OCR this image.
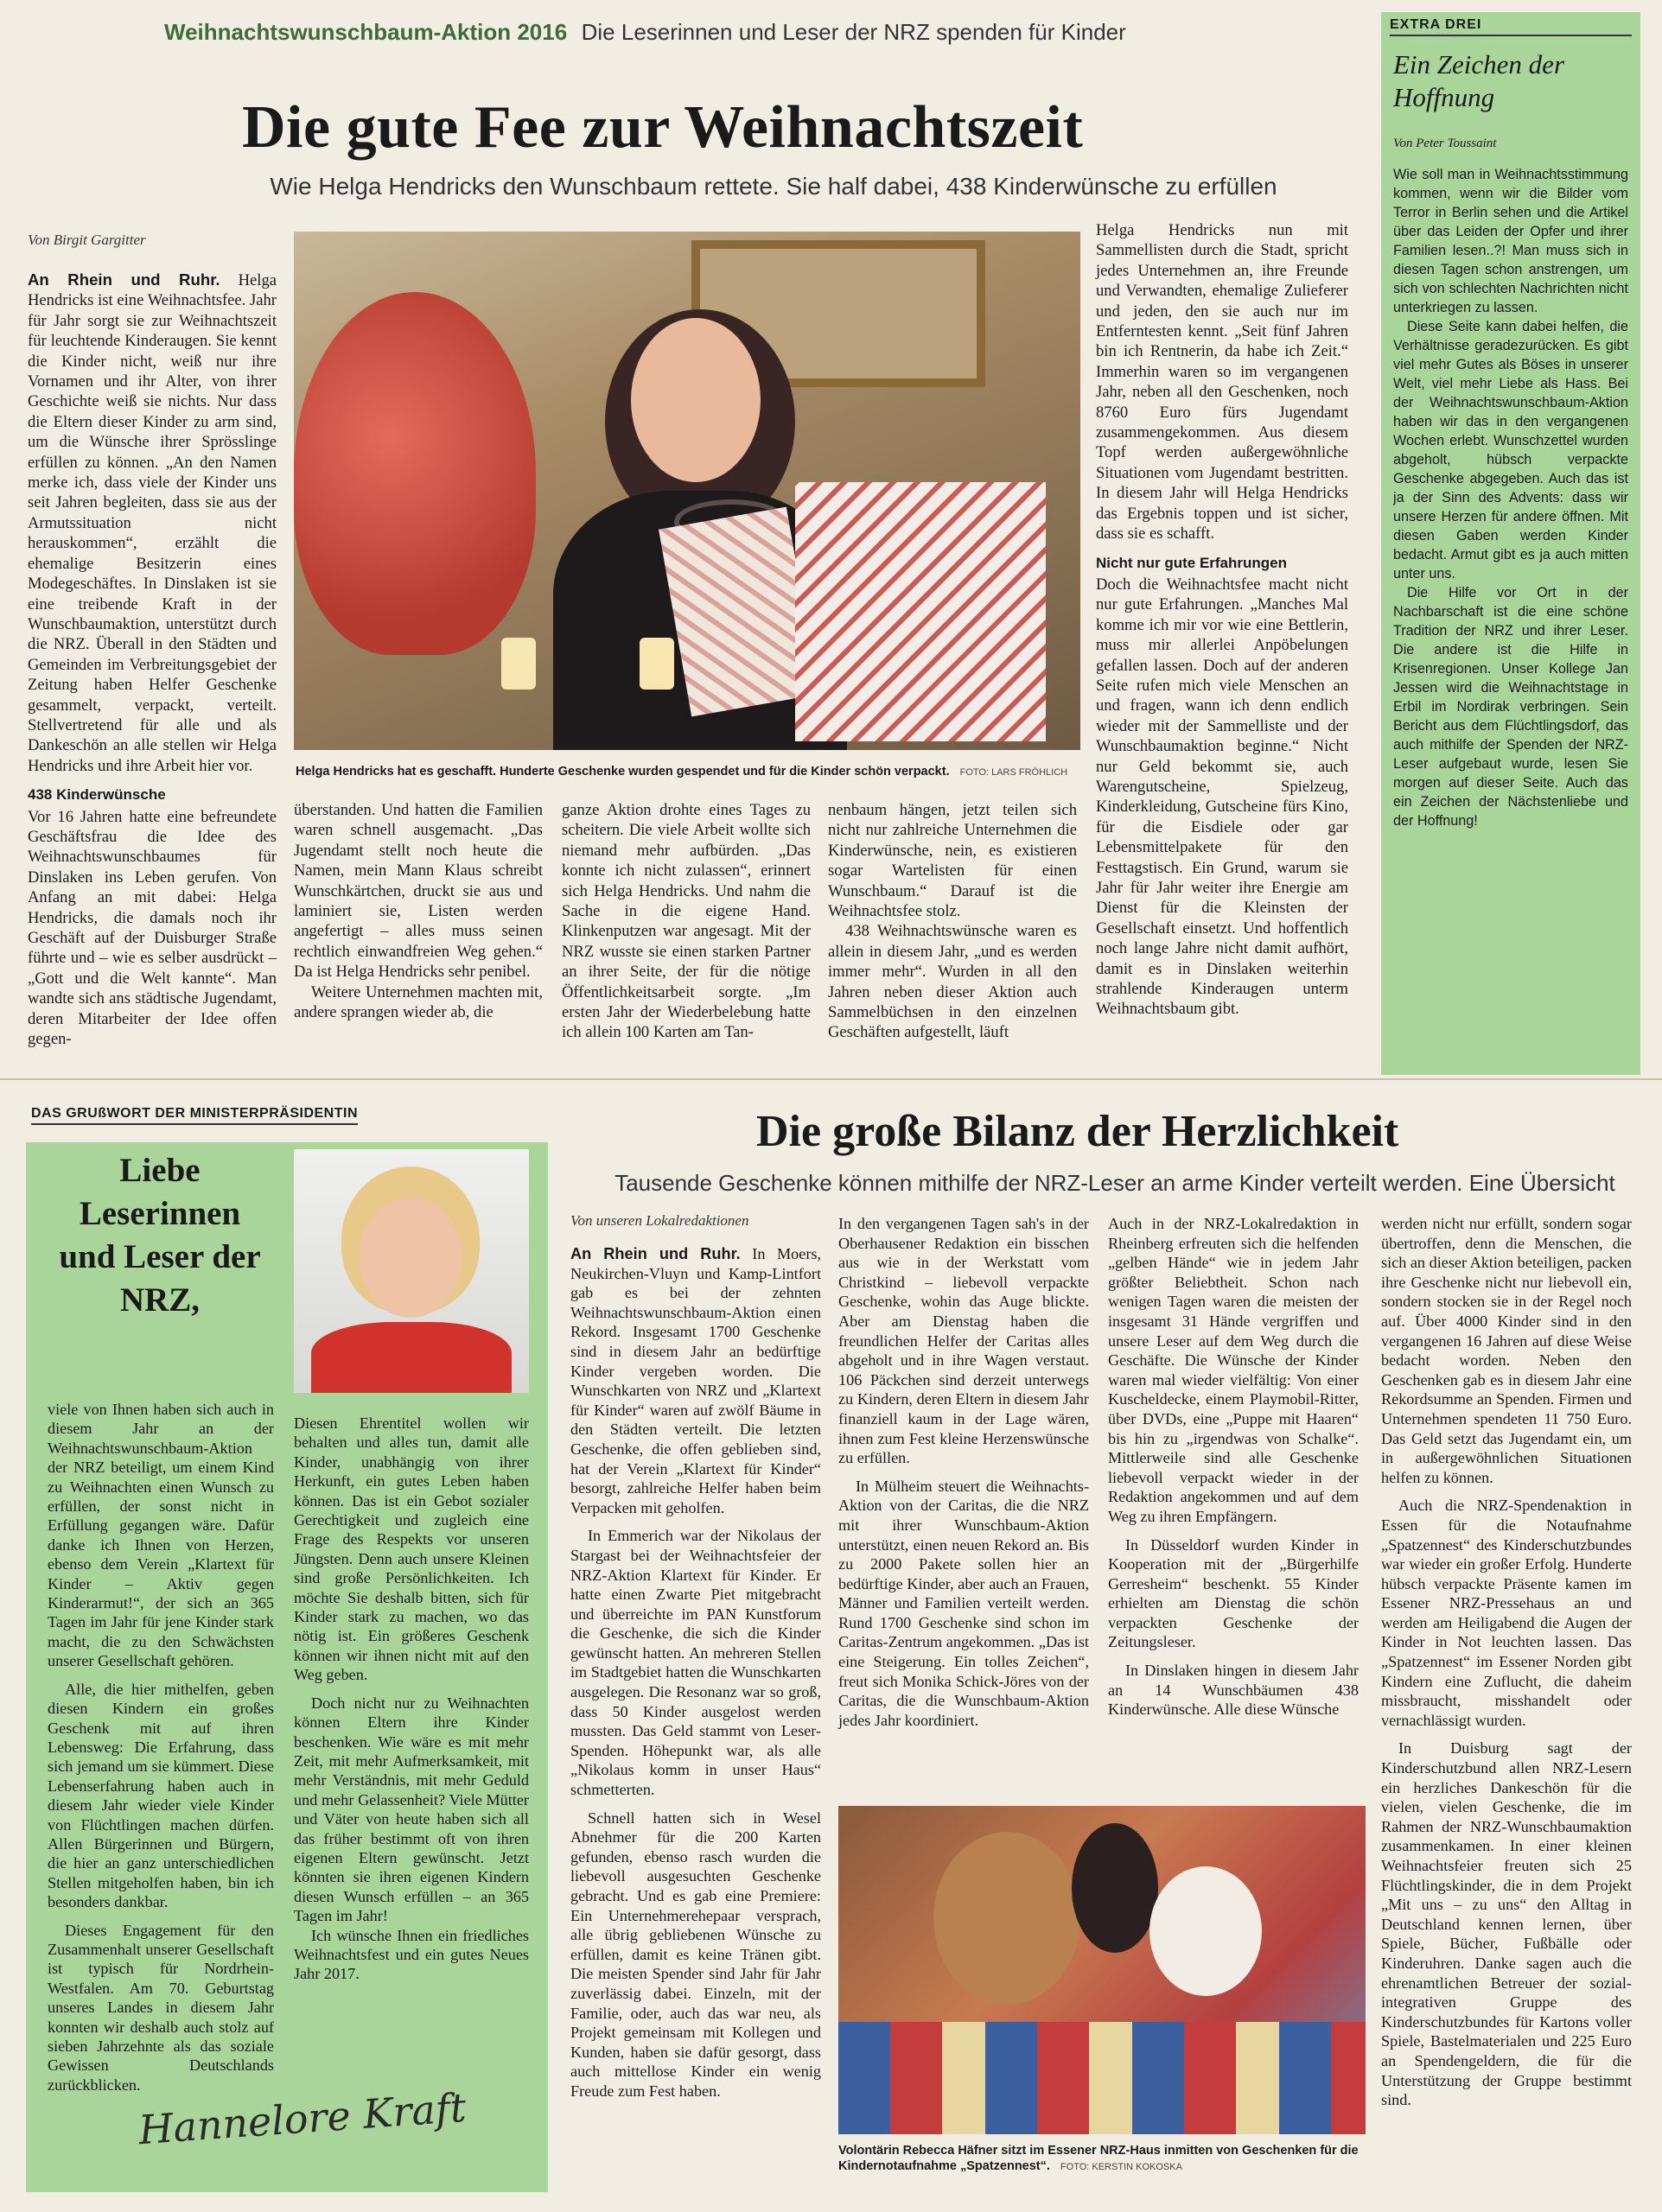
Weihnachtswunschbaum-Aktion 2016 Die Leserinnen und Leser der NRZ spenden für Kinder
Die gute Fee zur Weihnachtszeit
Wie Helga Hendricks den Wunschbaum rettete. Sie half dabei, 438 Kinderwünsche zu erfüllen
Von Birgit Gargitter
Helga Hendricks hat es geschafft. Hunderte Geschenke wurden gespendet und für die Kinder schön verpackt. FOTO: LARS FRÖHLICH

An Rhein und Ruhr. Helga Hendricks ist eine Weihnachtsfee. Jahr für Jahr sorgt sie zur Weihnachtszeit für leuchtende Kinderaugen. Sie kennt die Kinder nicht, weiß nur ihre Vornamen und ihr Alter, von ihrer Geschichte weiß sie nichts. Nur dass die Eltern dieser Kinder zu arm sind, um die Wünsche ihrer Sprösslinge erfüllen zu können. „An den Namen merke ich, dass viele der Kinder uns seit Jahren begleiten, dass sie aus der Armutssituation nicht herauskommen“, erzählt die ehemalige Besitzerin eines Modegeschäftes. In Dinslaken ist sie eine treibende Kraft in der Wunschbaumaktion, unterstützt durch die NRZ. Überall in den Städten und Gemeinden im Verbreitungsgebiet der Zeitung haben Helfer Geschenke gesammelt, verpackt, verteilt. Stellvertretend für alle und als Dankeschön an alle stellen wir Helga Hendricks und ihre Arbeit hier vor.

438 Kinderwünsche

Vor 16 Jahren hatte eine befreundete Geschäftsfrau die Idee des Weihnachtswunschbaumes für Dinslaken ins Leben gerufen. Von Anfang an mit dabei: Helga Hendricks, die damals noch ihr Geschäft auf der Duisburger Straße führte und – wie es selber ausdrückt – „Gott und die Welt kannte“. Man wandte sich ans städtische Jugendamt, deren Mitarbeiter der Idee offen gegen-

überstanden. Und hatten die Familien waren schnell ausgemacht. „Das Jugendamt stellt noch heute die Namen, mein Mann Klaus schreibt Wunschkärtchen, druckt sie aus und laminiert sie, Listen werden angefertigt – alles muss seinen rechtlich einwandfreien Weg gehen.“ Da ist Helga Hendricks sehr penibel.

Weitere Unternehmen machten mit, andere sprangen wieder ab, die

ganze Aktion drohte eines Tages zu scheitern. Die viele Arbeit wollte sich niemand mehr aufbürden. „Das konnte ich nicht zulassen“, erinnert sich Helga Hendricks. Und nahm die Sache in die eigene Hand. Klinkenputzen war angesagt. Mit der NRZ wusste sie einen starken Partner an ihrer Seite, der für die nötige Öffentlichkeitsarbeit sorgte. „Im ersten Jahr der Wiederbelebung hatte ich allein 100 Karten am Tan-

nenbaum hängen, jetzt teilen sich nicht nur zahlreiche Unternehmen die Kinderwünsche, nein, es existieren sogar Wartelisten für einen Wunschbaum.“ Darauf ist die Weihnachtsfee stolz.

438 Weihnachtswünsche waren es allein in diesem Jahr, „und es werden immer mehr“. Wurden in all den Jahren neben dieser Aktion auch Sammelbüchsen in den einzelnen Geschäften aufgestellt, läuft

Helga Hendricks nun mit Sammellisten durch die Stadt, spricht jedes Unternehmen an, ihre Freunde und Verwandten, ehemalige Zulieferer und jeden, den sie auch nur im Entferntesten kennt. „Seit fünf Jahren bin ich Rentnerin, da habe ich Zeit.“ Immerhin waren so im vergangenen Jahr, neben all den Geschenken, noch 8760 Euro fürs Jugendamt zusammengekommen. Aus diesem Topf werden außergewöhnliche Situationen vom Jugendamt bestritten. In diesem Jahr will Helga Hendricks das Ergebnis toppen und ist sicher, dass sie es schafft.

Nicht nur gute Erfahrungen

Doch die Weihnachtsfee macht nicht nur gute Erfahrungen. „Manches Mal komme ich mir vor wie eine Bettlerin, muss mir allerlei Anpöbelungen gefallen lassen. Doch auf der anderen Seite rufen mich viele Menschen an und fragen, wann ich denn endlich wieder mit der Sammelliste und der Wunschbaumaktion beginne.“ Nicht nur Geld bekommt sie, auch Warengutscheine, Spielzeug, Kinderkleidung, Gutscheine fürs Kino, für die Eisdiele oder gar Lebensmittelpakete für den Festtagstisch. Ein Grund, warum sie Jahr für Jahr weiter ihre Energie am Dienst für die Kleinsten der Gesellschaft einsetzt. Und hoffentlich noch lange Jahre nicht damit aufhört, damit es in Dinslaken weiterhin strahlende Kinderaugen unterm Weihnachtsbaum gibt.

EXTRA DREI
Ein Zeichen der Hoffnung
Von Peter Toussaint

Wie soll man in Weihnachtsstimmung kommen, wenn wir die Bilder vom Terror in Berlin sehen und die Artikel über das Leiden der Opfer und ihrer Familien lesen..?! Man muss sich in diesen Tagen schon anstrengen, um sich von schlechten Nachrichten nicht unterkriegen zu lassen.

Diese Seite kann dabei helfen, die Verhältnisse geradezurücken. Es gibt viel mehr Gutes als Böses in unserer Welt, viel mehr Liebe als Hass. Bei der Weihnachtswunschbaum-Aktion haben wir das in den vergangenen Wochen erlebt. Wunschzettel wurden abgeholt, hübsch verpackte Geschenke abgegeben. Auch das ist ja der Sinn des Advents: dass wir unsere Herzen für andere öffnen. Mit diesen Gaben werden Kinder bedacht. Armut gibt es ja auch mitten unter uns.

Die Hilfe vor Ort in der Nachbarschaft ist die eine schöne Tradition der NRZ und ihrer Leser. Die andere ist die Hilfe in Krisenregionen. Unser Kollege Jan Jessen wird die Weihnachtstage in Erbil im Nordirak verbringen. Sein Bericht aus dem Flüchtlingsdorf, das auch mithilfe der Spenden der NRZ-Leser aufgebaut wurde, lesen Sie morgen auf dieser Seite. Auch das ein Zeichen der Nächstenliebe und der Hoffnung!

DAS GRUßWORT DER MINISTERPRÄSIDENTIN
Liebe Leserinnen und Leser der NRZ,

viele von Ihnen haben sich auch in diesem Jahr an der Weihnachtswunschbaum-Aktion der NRZ beteiligt, um einem Kind zu Weihnachten einen Wunsch zu erfüllen, der sonst nicht in Erfüllung gegangen wäre. Dafür danke ich Ihnen von Herzen, ebenso dem Verein „Klartext für Kinder – Aktiv gegen Kinderarmut!“, der sich an 365 Tagen im Jahr für jene Kinder stark macht, die zu den Schwächsten unserer Gesellschaft gehören.

Alle, die hier mithelfen, geben diesen Kindern ein großes Geschenk mit auf ihren Lebensweg: Die Erfahrung, dass sich jemand um sie kümmert. Diese Lebenserfahrung haben auch in diesem Jahr wieder viele Kinder von Flüchtlingen machen dürfen. Allen Bürgerinnen und Bürgern, die hier an ganz unterschiedlichen Stellen mitgeholfen haben, bin ich besonders dankbar.

Dieses Engagement für den Zusammenhalt unserer Gesellschaft ist typisch für Nordrhein-Westfalen. Am 70. Geburtstag unseres Landes in diesem Jahr konnten wir deshalb auch stolz auf sieben Jahrzehnte als das soziale Gewissen Deutschlands zurückblicken.

Diesen Ehrentitel wollen wir behalten und alles tun, damit alle Kinder, unabhängig von ihrer Herkunft, ein gutes Leben haben können. Das ist ein Gebot sozialer Gerechtigkeit und zugleich eine Frage des Respekts vor unseren Jüngsten. Denn auch unsere Kleinen sind große Persönlichkeiten. Ich möchte Sie deshalb bitten, sich für Kinder stark zu machen, wo das nötig ist. Ein größeres Geschenk können wir ihnen nicht mit auf den Weg geben.

Doch nicht nur zu Weihnachten können Eltern ihre Kinder beschenken. Wie wäre es mit mehr Zeit, mit mehr Aufmerksamkeit, mit mehr Verständnis, mit mehr Geduld und mehr Gelassenheit? Viele Mütter und Väter von heute haben sich all das früher bestimmt oft von ihren eigenen Eltern gewünscht. Jetzt könnten sie ihren eigenen Kindern diesen Wunsch erfüllen – an 365 Tagen im Jahr!

Ich wünsche Ihnen ein friedliches Weihnachtsfest und ein gutes Neues Jahr 2017.

Hannelore Kraft
Die große Bilanz der Herzlichkeit
Tausende Geschenke können mithilfe der NRZ-Leser an arme Kinder verteilt werden. Eine Übersicht
Von unseren Lokalredaktionen

An Rhein und Ruhr. In Moers, Neukirchen-Vluyn und Kamp-Lintfort gab es bei der zehnten Weihnachtswunschbaum-Aktion einen Rekord. Insgesamt 1700 Geschenke sind in diesem Jahr an bedürftige Kinder vergeben worden. Die Wunschkarten von NRZ und „Klartext für Kinder“ waren auf zwölf Bäume in den Städten verteilt. Die letzten Geschenke, die offen geblieben sind, hat der Verein „Klartext für Kinder“ besorgt, zahlreiche Helfer haben beim Verpacken mit geholfen.

In Emmerich war der Nikolaus der Stargast bei der Weihnachtsfeier der NRZ-Aktion Klartext für Kinder. Er hatte einen Zwarte Piet mitgebracht und überreichte im PAN Kunstforum die Geschenke, die sich die Kinder gewünscht hatten. An mehreren Stellen im Stadtgebiet hatten die Wunschkarten ausgelegen. Die Resonanz war so groß, dass 50 Kinder ausgelost werden mussten. Das Geld stammt von Leser-Spenden. Höhepunkt war, als alle „Nikolaus komm in unser Haus“ schmetterten.

Schnell hatten sich in Wesel Abnehmer für die 200 Karten gefunden, ebenso rasch wurden die liebevoll ausgesuchten Geschenke gebracht. Und es gab eine Premiere: Ein Unternehmerehepaar versprach, alle übrig gebliebenen Wünsche zu erfüllen, damit es keine Tränen gibt. Die meisten Spender sind Jahr für Jahr zuverlässig dabei. Einzeln, mit der Familie, oder, auch das war neu, als Projekt gemeinsam mit Kollegen und Kunden, haben sie dafür gesorgt, dass auch mittellose Kinder ein wenig Freude zum Fest haben.

In den vergangenen Tagen sah's in der Oberhausener Redaktion ein bisschen aus wie in der Werkstatt vom Christkind – liebevoll verpackte Geschenke, wohin das Auge blickte. Aber am Dienstag haben die freundlichen Helfer der Caritas alles abgeholt und in ihre Wagen verstaut. 106 Päckchen sind derzeit unterwegs zu Kindern, deren Eltern in diesem Jahr finanziell kaum in der Lage wären, ihnen zum Fest kleine Herzenswünsche zu erfüllen.

In Mülheim steuert die Weihnachts-Aktion von der Caritas, die die NRZ mit ihrer Wunschbaum-Aktion unterstützt, einen neuen Rekord an. Bis zu 2000 Pakete sollen hier an bedürftige Kinder, aber auch an Frauen, Männer und Familien verteilt werden. Rund 1700 Geschenke sind schon im Caritas-Zentrum angekommen. „Das ist eine Steigerung. Ein tolles Zeichen“, freut sich Monika Schick-Jöres von der Caritas, die die Wunschbaum-Aktion jedes Jahr koordiniert.

Auch in der NRZ-Lokalredaktion in Rheinberg erfreuten sich die helfenden „gelben Hände“ wie in jedem Jahr größter Beliebtheit. Schon nach wenigen Tagen waren die meisten der insgesamt 31 Hände vergriffen und unsere Leser auf dem Weg durch die Geschäfte. Die Wünsche der Kinder waren mal wieder vielfältig: Von einer Kuscheldecke, einem Playmobil-Ritter, über DVDs, eine „Puppe mit Haaren“ bis hin zu „irgendwas von Schalke“. Mittlerweile sind alle Geschenke liebevoll verpackt wieder in der Redaktion angekommen und auf dem Weg zu ihren Empfängern.

In Düsseldorf wurden Kinder in Kooperation mit der „Bürgerhilfe Gerresheim“ beschenkt. 55 Kinder erhielten am Dienstag die schön verpackten Geschenke der Zeitungsleser.

In Dinslaken hingen in diesem Jahr an 14 Wunschbäumen 438 Kinderwünsche. Alle diese Wünsche

werden nicht nur erfüllt, sondern sogar übertroffen, denn die Menschen, die sich an dieser Aktion beteiligen, packen ihre Geschenke nicht nur liebevoll ein, sondern stocken sie in der Regel noch auf. Über 4000 Kinder sind in den vergangenen 16 Jahren auf diese Weise bedacht worden. Neben den Geschenken gab es in diesem Jahr eine Rekordsumme an Spenden. Firmen und Unternehmen spendeten 11 750 Euro. Das Geld setzt das Jugendamt ein, um in außergewöhnlichen Situationen helfen zu können.

Auch die NRZ-Spendenaktion in Essen für die Notaufnahme „Spatzennest“ des Kinderschutzbundes war wieder ein großer Erfolg. Hunderte hübsch verpackte Präsente kamen im Essener NRZ-Pressehaus an und werden am Heiligabend die Augen der Kinder in Not leuchten lassen. Das „Spatzennest“ im Essener Norden gibt Kindern eine Zuflucht, die daheim missbraucht, misshandelt oder vernachlässigt wurden.

In Duisburg sagt der Kinderschutzbund allen NRZ-Lesern ein herzliches Dankeschön für die vielen, vielen Geschenke, die im Rahmen der NRZ-Wunschbaumaktion zusammenkamen. In einer kleinen Weihnachtsfeier freuten sich 25 Flüchtlingskinder, die in dem Projekt „Mit uns – zu uns“ den Alltag in Deutschland kennen lernen, über Spiele, Bücher, Fußbälle oder Kinderuhren. Danke sagen auch die ehrenamtlichen Betreuer der sozial-integrativen Gruppe des Kinderschutzbundes für Kartons voller Spiele, Bastelmaterialen und 225 Euro an Spendengeldern, die für die Unterstützung der Gruppe bestimmt sind.

Volontärin Rebecca Häfner sitzt im Essener NRZ-Haus inmitten von Geschenken für die Kindernotaufnahme „Spatzennest“. FOTO: KERSTIN KOKOSKA
